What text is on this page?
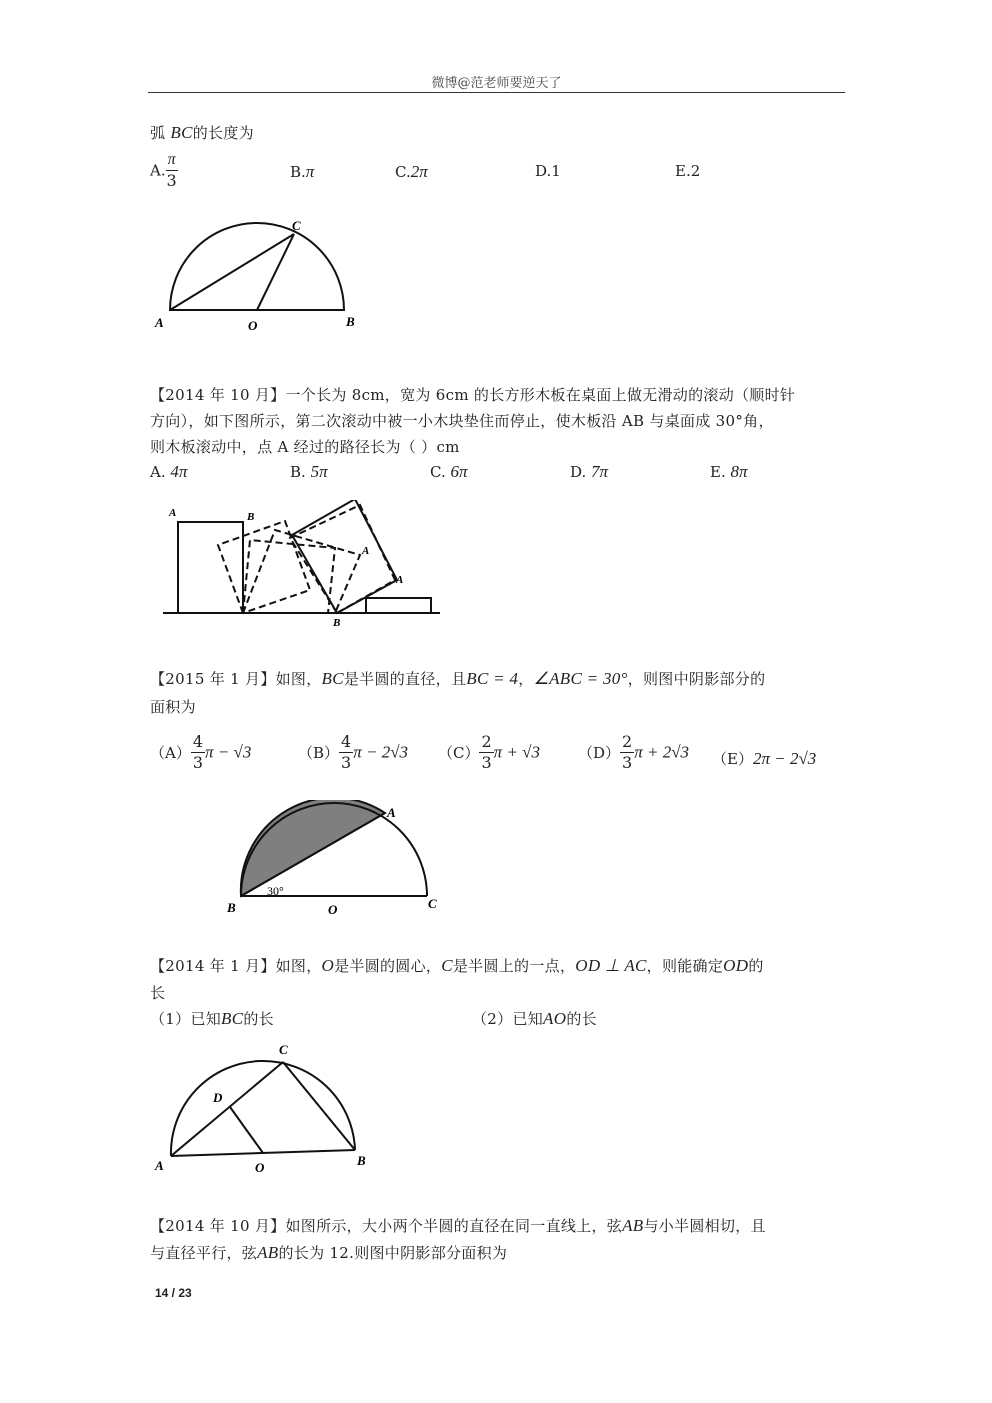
微博@范老师要逆天了
弧 BC的长度为
A. $\frac{\pi}{3}$	B.π	C.2π	D.1	E.2
A	O	B
C
【2014 年 10 月】一个长为 8cm，宽为 6cm 的长方形木板在桌面上做无滑动的滚动（顺时针
方向），如下图所示，第二次滚动中被一小木块垫住而停止，使木板沿 AB 与桌面成 30°角，
则木板滚动中，点 A 经过的路径长为（ ）cm
A. 4π	B. 5π	C. 6π	D. 7π	E. 8π
A	B
A
A
B
【2015 年 1 月】如图，BC是半圆的直径，且BC = 4，∠ABC = 30°，则图中阴影部分的
面积为
$(A) \frac{4}{3}$ π − √3	$(B) \frac{4}{3}$ π − 2√3 $(C) \frac{2}{3}$ π + √3	$(D) \frac{2}{3}$ π + 2√3 （E）2π − 2√3
30°
A
B	O	C
【2014 年 1 月】如图，O是半圆的圆心，C是半圆上的一点，OD ⊥ AC，则能确定OD的
长
（1）已知BC的长	（2）已知AO的长
A	O	B
C
D
【2014 年 10 月】如图所示，大小两个半圆的直径在同一直线上，弦AB与小半圆相切，且
与直径平行，弦AB的长为 12.则图中阴影部分面积为
14 / 23
